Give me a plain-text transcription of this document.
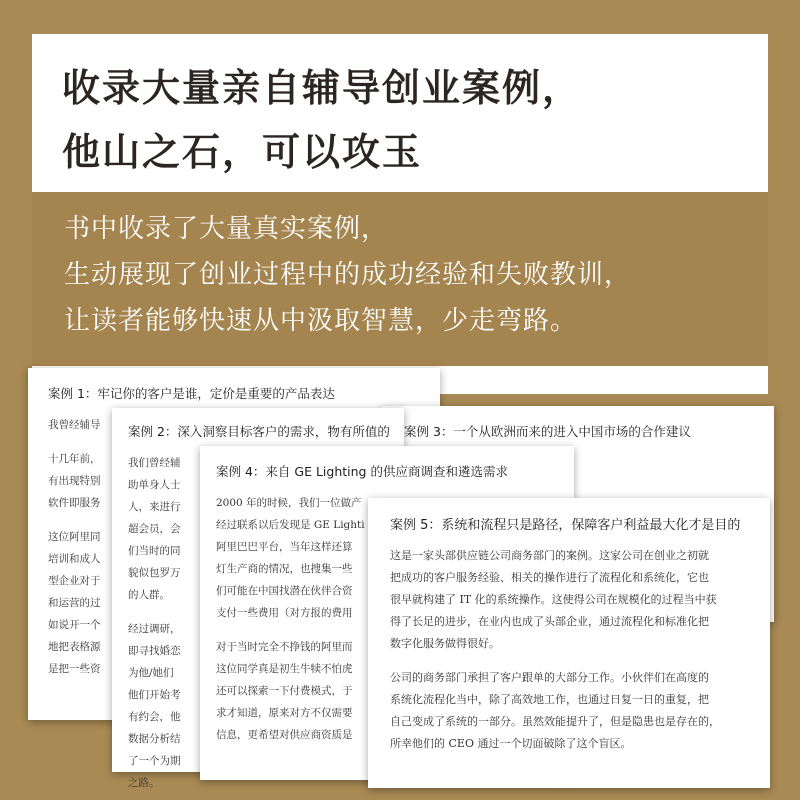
收录大量亲自辅导创业案例，
他山之石，可以攻玉
书中收录了大量真实案例，
生动展现了创业过程中的成功经验和失败教训，
让读者能够快速从中汲取智慧，少走弯路。
案例 1：牢记你的客户是谁，定价是重要的产品表达
我曾经辅导
十几年前，
有出现特别
软件即服务
这位阿里同
培训和成人
型企业对于
和运营的过
如说开一个
地把表格源
是把一些资
案例 3：一个从欧洲而来的进入中国市场的合作建议
案例 2：深入洞察目标客户的需求，物有所值的
我们曾经辅
助单身人士
人，来进行
超会员，会
们当时的同
貌似包罗万
的人群。
经过调研，
即寻找婚恋
为他/她们
他们开始考
有约会，他
数据分析结
了一个为期
之路。
案例 4：来自 GE Lighting 的供应商调查和遴选需求
2000 年的时候，我们一位做产
经过联系以后发现是 GE Lighti
阿里巴巴平台，当年这样还算
灯生产商的情况，也搜集一些
们可能在中国找潜在伙伴合资
支付一些费用（对方报的费用
对于当时完全不挣钱的阿里而
这位同学真是初生牛犊不怕虎
还可以探索一下付费模式，于
求才知道，原来对方不仅需要
信息，更希望对供应商资质是
案例 5：系统和流程只是路径，保障客户利益最大化才是目的
这是一家头部供应链公司商务部门的案例。这家公司在创业之初就
把成功的客户服务经验、相关的操作进行了流程化和系统化，它也
很早就构建了 IT 化的系统操作。这使得公司在规模化的过程当中获
得了长足的进步，在业内也成了头部企业，通过流程化和标准化把
数字化服务做得很好。
公司的商务部门承担了客户跟单的大部分工作。小伙伴们在高度的
系统化流程化当中，除了高效地工作，也通过日复一日的重复，把
自己变成了系统的一部分。虽然效能提升了，但是隐患也是存在的，
所幸他们的 CEO 通过一个切面破除了这个盲区。
